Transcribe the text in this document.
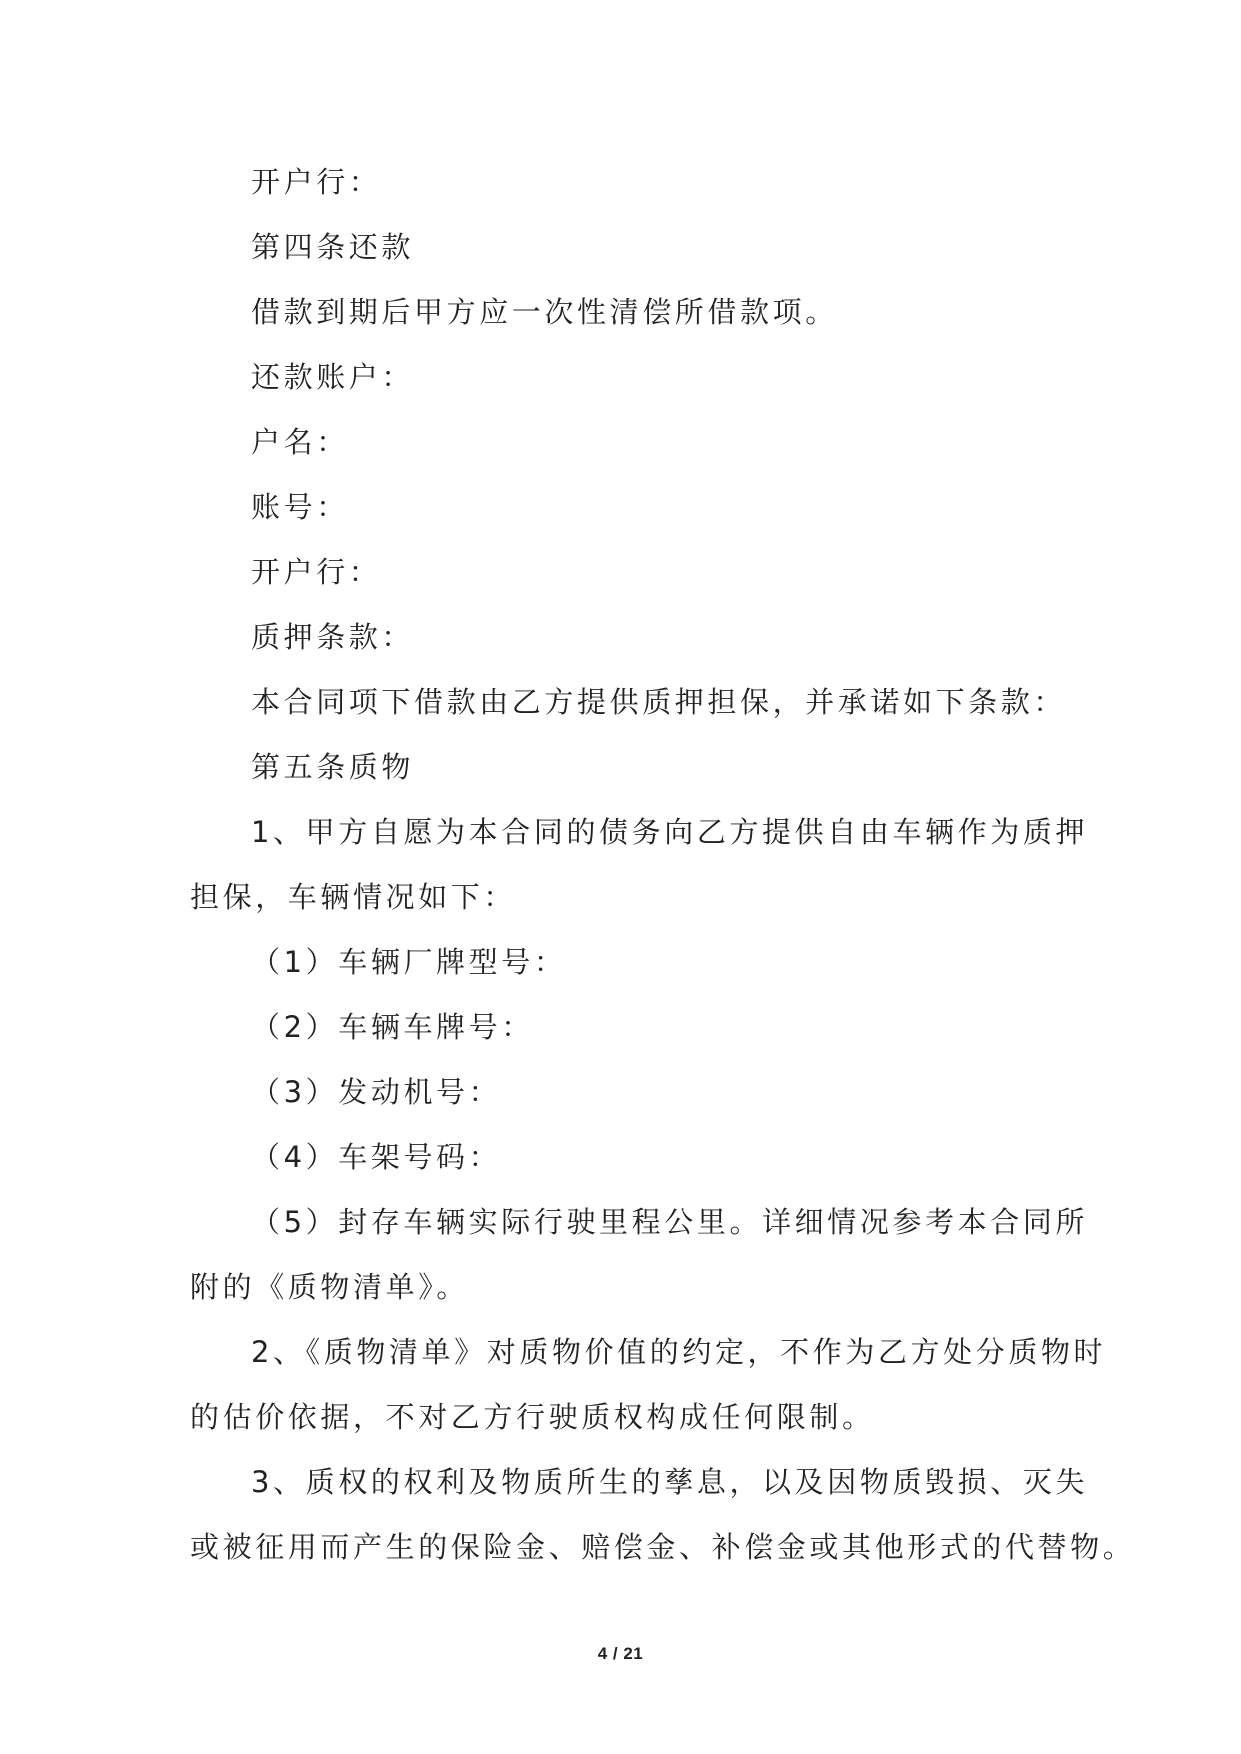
开户行：
第四条还款
借款到期后甲方应一次性清偿所借款项。
还款账户：
户名：
账号：
开户行：
质押条款：
本合同项下借款由乙方提供质押担保，并承诺如下条款：
第五条质物
1、甲方自愿为本合同的债务向乙方提供自由车辆作为质押
担保，车辆情况如下：
（1）车辆厂牌型号：
（2）车辆车牌号：
（3）发动机号：
（4）车架号码：
（5）封存车辆实际行驶里程公里。详细情况参考本合同所
附的《质物清单》。
2、《质物清单》对质物价值的约定，不作为乙方处分质物时
的估价依据，不对乙方行驶质权构成任何限制。
3、质权的权利及物质所生的孳息，以及因物质毁损、灭失
或被征用而产生的保险金、赔偿金、补偿金或其他形式的代替物。
4 / 21
